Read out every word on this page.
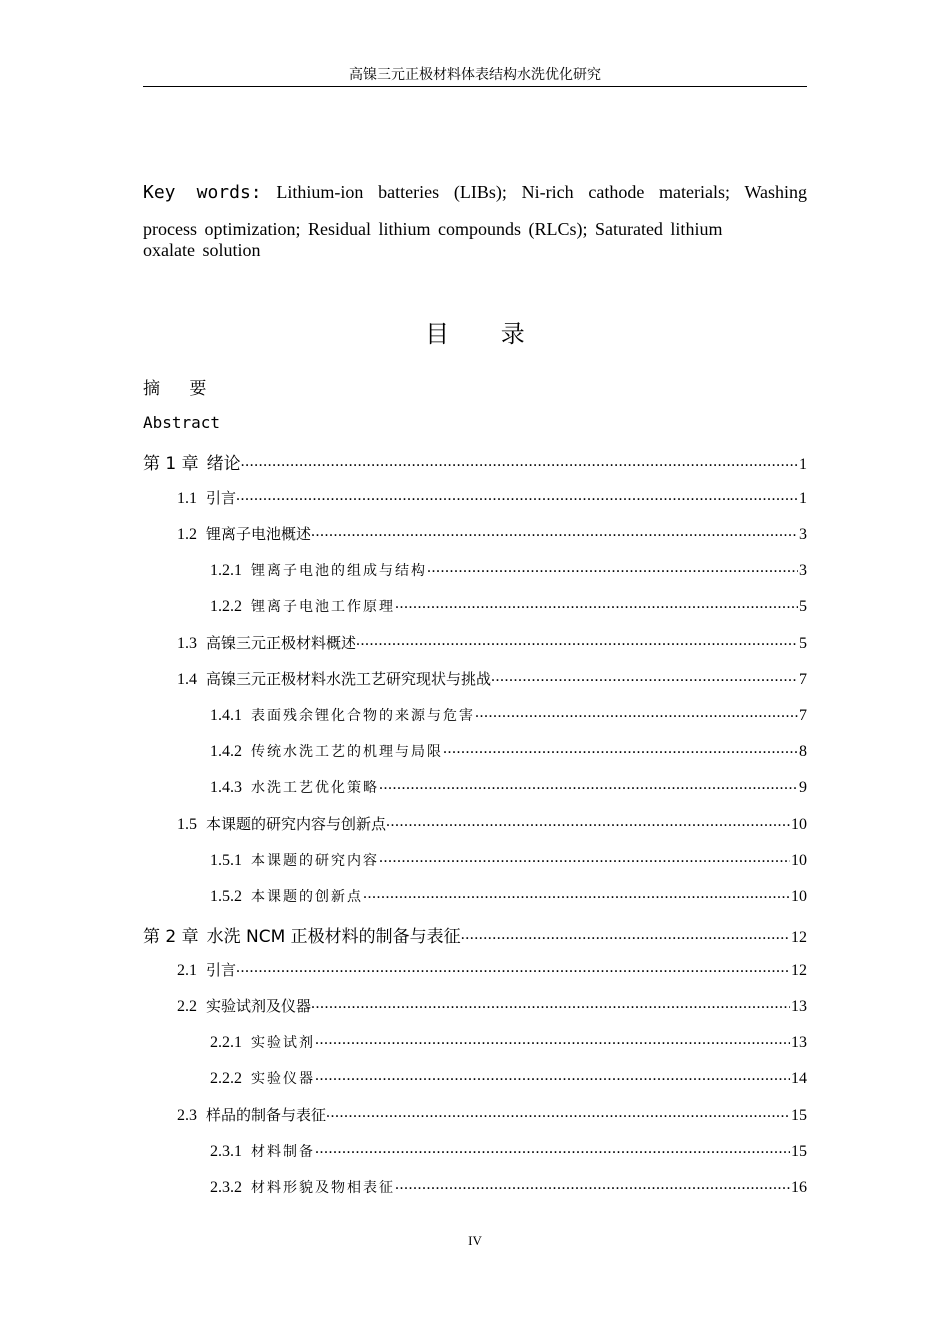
高镍三元正极材料体表结构水洗优化研究
Key words: Lithium-ion batteries (LIBs); Ni-rich cathode materials; Washing process optimization; Residual lithium compounds (RLCs); Saturated lithium
oxalate solution
目 录
摘 要
Abstract
第 1 章 绪论 .....	1
1.1 引言 .....	1
1.2 锂离子电池概述 .....	3
1.2.1 锂离子电池的组成与结构 .....	3
1.2.2 锂离子电池工作原理 .....	5
1.3 高镍三元正极材料概述 .....	5
1.4 高镍三元正极材料水洗工艺研究现状与挑战 .....	7
1.4.1 表面残余锂化合物的来源与危害 .....	7
1.4.2 传统水洗工艺的机理与局限 .....	8
1.4.3 水洗工艺优化策略 .....	9
1.5 本课题的研究内容与创新点 .....	10
1.5.1 本课题的研究内容 .....	10
1.5.2 本课题的创新点 .....	10
第 2 章 水洗 NCM 正极材料的制备与表征 .....	12
2.1 引言 .....	12
2.2 实验试剂及仪器 .....	13
2.2.1 实验试剂 .....	13
2.2.2 实验仪器 .....	14
2.3 样品的制备与表征 .....	15
2.3.1 材料制备 .....	15
2.3.2 材料形貌及物相表征 .....	16
IV
